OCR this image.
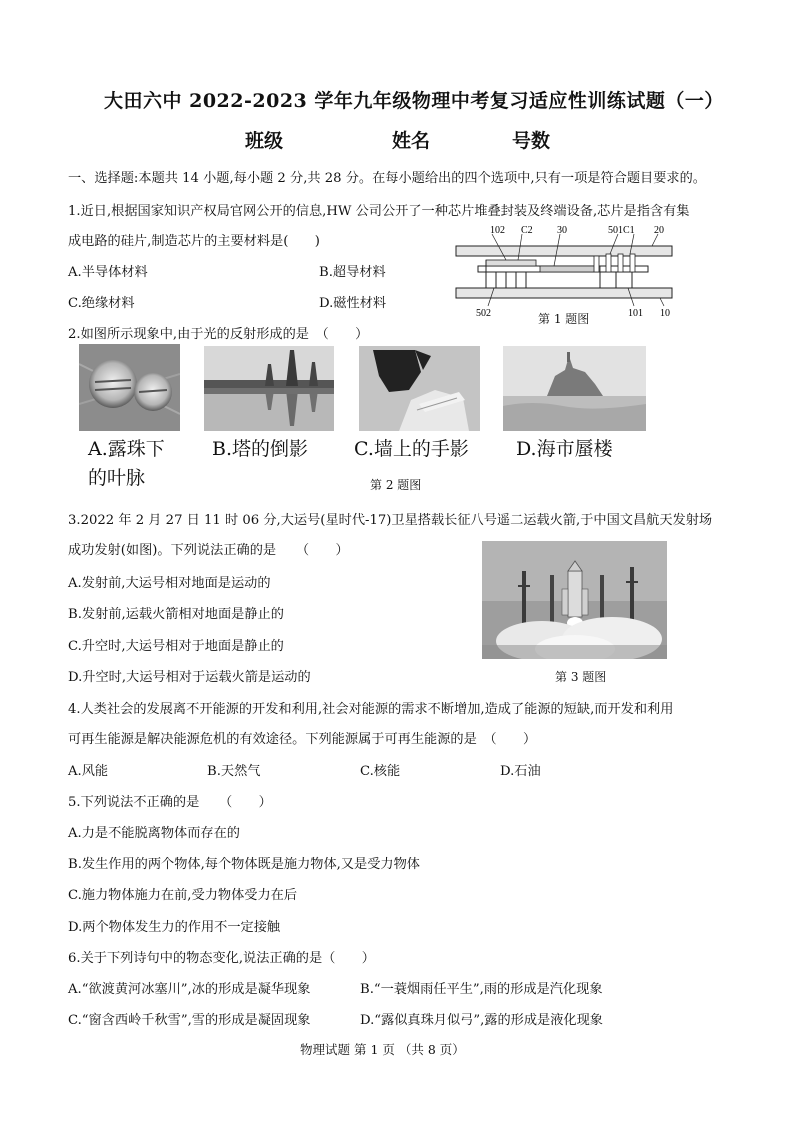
大田六中 2022-2023 学年九年级物理中考复习适应性训练试题（一）
班级	姓名	号数
一、选择题:本题共 14 小题,每小题 2 分,共 28 分。在每小题给出的四个选项中,只有一项是符合题目要求的。
1.近日,根据国家知识产权局官网公开的信息,HW 公司公开了一种芯片堆叠封装及终端设备,芯片是指含有集
成电路的硅片,制造芯片的主要材料是(　　)
A.半导体材料	B.超导材料
C.绝缘材料	D.磁性材料
102 C2 30	501C1 20
502	101 10
第 1 题图
2.如图所示现象中,由于光的反射形成的是　（　　）
A.露珠下
的叶脉
B.塔的倒影 C.墙上的手影 D.海市蜃楼
第 2 题图
3.2022 年 2 月 27 日 11 时 06 分,大运号(星时代-17)卫星搭载长征八号遥二运载火箭,于中国文昌航天发射场
成功发射(如图)。下列说法正确的是　　（　　）
A.发射前,大运号相对地面是运动的
B.发射前,运载火箭相对地面是静止的
C.升空时,大运号相对于地面是静止的
D.升空时,大运号相对于运载火箭是运动的	第 3 题图
4.人类社会的发展离不开能源的开发和利用,社会对能源的需求不断增加,造成了能源的短缺,而开发和利用
可再生能源是解决能源危机的有效途径。下列能源属于可再生能源的是　（　　）
A.风能	B.天然气	C.核能	D.石油
5.下列说法不正确的是　　（　　）
A.力是不能脱离物体而存在的
B.发生作用的两个物体,每个物体既是施力物体,又是受力物体
C.施力物体施力在前,受力物体受力在后
D.两个物体发生力的作用不一定接触
6.关于下列诗句中的物态变化,说法正确的是（　　）
A.“欲渡黄河冰塞川”,冰的形成是凝华现象	B.“一蓑烟雨任平生”,雨的形成是汽化现象
C.“窗含西岭千秋雪”,雪的形成是凝固现象	D.“露似真珠月似弓”,露的形成是液化现象
物理试题 第 1 页 （共 8 页）
